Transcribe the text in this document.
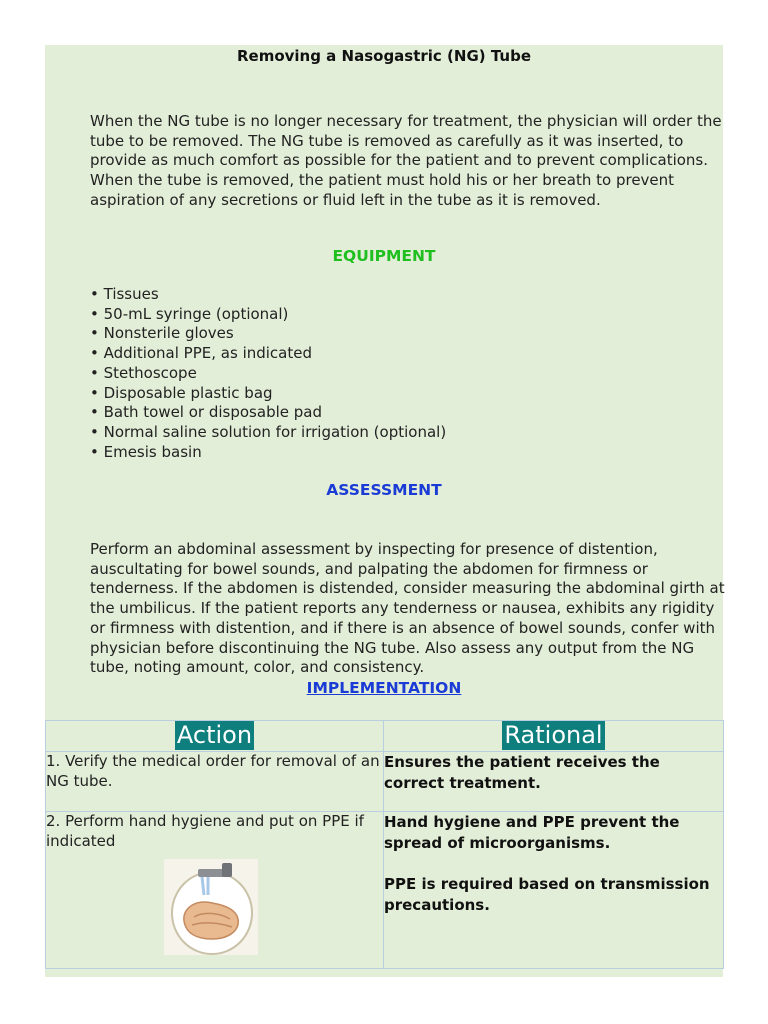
Removing a Nasogastric (NG) Tube
When the NG tube is no longer necessary for treatment, the physician will order the tube to be removed. The NG tube is removed as carefully as it was inserted, to provide as much comfort as possible for the patient and to prevent complications. When the tube is removed, the patient must hold his or her breath to prevent aspiration of any secretions or fluid left in the tube as it is removed.
EQUIPMENT
• Tissues
• 50-mL syringe (optional)
• Nonsterile gloves
• Additional PPE, as indicated
• Stethoscope
• Disposable plastic bag
• Bath towel or disposable pad
• Normal saline solution for irrigation (optional)
• Emesis basin
ASSESSMENT
Perform an abdominal assessment by inspecting for presence of distention, auscultating for bowel sounds, and palpating the abdomen for firmness or tenderness. If the abdomen is distended, consider measuring the abdominal girth at the umbilicus. If the patient reports any tenderness or nausea, exhibits any rigidity or firmness with distention, and if there is an absence of bowel sounds, confer with physician before discontinuing the NG tube. Also assess any output from the NG tube, noting amount, color, and consistency.
IMPLEMENTATION
Action	Rational
1. Verify the medical order for removal of an NG tube.	Ensures the patient receives the correct treatment.

2. Perform hand hygiene and put on PPE if indicated	Hand hygiene and PPE prevent the spread of microorganisms.
PPE is required based on transmission precautions.
